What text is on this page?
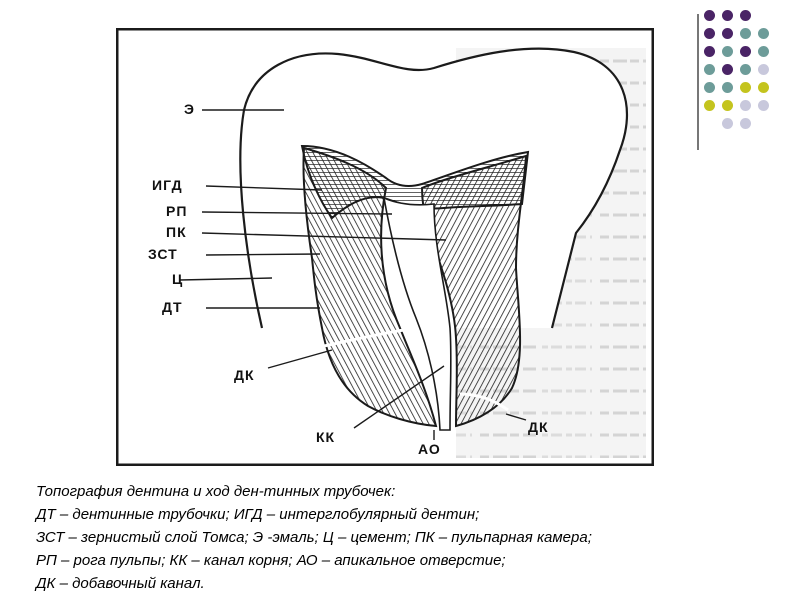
Э
ИГД
РП
ПК
ЗСТ
Ц
ДТ
ДК
КК
АО
ДК
Топография дентина и ход ден-тинных трубочек:
ДТ – дентинные трубочки; ИГД – интерглобулярный дентин;
ЗСТ – зернистый слой Томса; Э -эмаль; Ц – цемент; ПК – пульпарная камера;
РП – рога пульпы; КК – канал корня; АО – апикальное отверстие;
ДК – добавочный канал.
